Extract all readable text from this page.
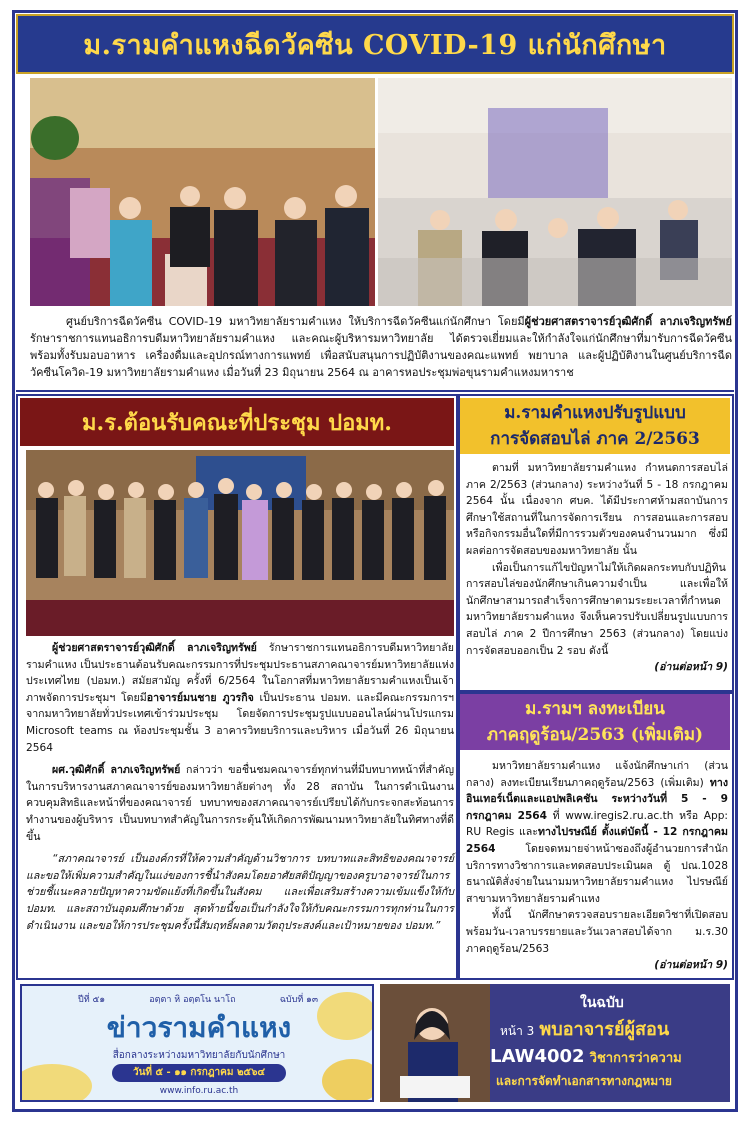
ม.รามคำแหงฉีดวัคซีน COVID-19 แก่นักศึกษา
ศูนย์บริการฉีดวัคซีน COVID-19 มหาวิทยาลัยรามคำแหง ให้บริการฉีดวัคซีนแก่นักศึกษา โดยมีผู้ช่วยศาสตราจารย์วุฒิศักดิ์ ลาภเจริญทรัพย์ รักษาราชการแทนอธิการบดีมหาวิทยาลัยรามคำแหง และคณะผู้บริหารมหาวิทยาลัย ได้ตรวจเยี่ยมและให้กำลังใจแก่นักศึกษาที่มารับการฉีดวัคซีน พร้อมทั้งรับมอบอาหาร เครื่องดื่มและอุปกรณ์ทางการแพทย์ เพื่อสนับสนุนการปฏิบัติงานของคณะแพทย์ พยาบาล และผู้ปฏิบัติงานในศูนย์บริการฉีดวัคซีนโควิด-19 มหาวิทยาลัยรามคำแหง เมื่อวันที่ 23 มิถุนายน 2564 ณ อาคารหอประชุมพ่อขุนรามคำแหงมหาราช
ม.ร.ต้อนรับคณะที่ประชุม ปอมท.
ผู้ช่วยศาสตราจารย์วุฒิศักดิ์ ลาภเจริญทรัพย์ รักษาราชการแทนอธิการบดีมหาวิทยาลัยรามคำแหง เป็นประธานต้อนรับคณะกรรมการที่ประชุมประธานสภาคณาจารย์มหาวิทยาลัยแห่งประเทศไทย (ปอมท.) สมัยสามัญ ครั้งที่ 6/2564 ในโอกาสที่มหาวิทยาลัยรามคำแหงเป็นเจ้าภาพจัดการประชุมฯ โดยมีอาจารย์มนชาย ภูวรกิจ เป็นประธาน ปอมท. และมีคณะกรรมการฯ จากมหาวิทยาลัยทั่วประเทศเข้าร่วมประชุม โดยจัดการประชุมรูปแบบออนไลน์ผ่านโปรแกรม Microsoft teams ณ ห้องประชุมชั้น 3 อาคารวิทยบริการและบริหาร เมื่อวันที่ 26 มิถุนายน 2564
ผศ.วุฒิศักดิ์ ลาภเจริญทรัพย์ กล่าวว่า ขอชื่นชมคณาจารย์ทุกท่านที่มีบทบาทหน้าที่สำคัญในการบริหารงานสภาคณาจารย์ของมหาวิทยาลัยต่างๆ ทั้ง 28 สถาบัน ในการดำเนินงานควบคุมสิทธิและหน้าที่ของคณาจารย์ บทบาทของสภาคณาจารย์เปรียบได้กับกระจกสะท้อนการทำงานของผู้บริหาร เป็นบทบาทสำคัญในการกระตุ้นให้เกิดการพัฒนามหาวิทยาลัยในทิศทางที่ดีขึ้น
“สภาคณาจารย์ เป็นองค์กรที่ให้ความสำคัญด้านวิชาการ บทบาทและสิทธิของคณาจารย์ และขอให้เพิ่มความสำคัญในแง่ของการชี้นำสังคมโดยอาศัยสติปัญญาของครูบาอาจารย์ในการช่วยชี้แนะคลายปัญหาความขัดแย้งที่เกิดขึ้นในสังคม และเพื่อเสริมสร้างความเข้มแข็งให้กับ ปอมท. และสถาบันอุดมศึกษาด้วย สุดท้ายนี้ขอเป็นกำลังใจให้กับคณะกรรมการทุกท่านในการดำเนินงาน และขอให้การประชุมครั้งนี้สัมฤทธิ์ผลตามวัตถุประสงค์และเป้าหมายของ ปอมท.”
ม.รามคำแหงปรับรูปแบบ
การจัดสอบไล่ ภาค 2/2563
ตามที่ มหาวิทยาลัยรามคำแหง กำหนดการสอบไล่ภาค 2/2563 (ส่วนกลาง) ระหว่างวันที่ 5 - 18 กรกฎาคม 2564 นั้น เนื่องจาก ศบค. ได้มีประกาศห้ามสถาบันการศึกษาใช้สถานที่ในการจัดการเรียน การสอนและการสอบ หรือกิจกรรมอื่นใดที่มีการรวมตัวของคนจำนวนมาก ซึ่งมีผลต่อการจัดสอบของมหาวิทยาลัย นั้น
เพื่อเป็นการแก้ไขปัญหาไม่ให้เกิดผลกระทบกับปฏิทินการสอบไล่ของนักศึกษาเกินความจำเป็น และเพื่อให้นักศึกษาสามารถสำเร็จการศึกษาตามระยะเวลาที่กำหนด มหาวิทยาลัยรามคำแหง จึงเห็นควรปรับเปลี่ยนรูปแบบการสอบไล่ ภาค 2 ปีการศึกษา 2563 (ส่วนกลาง) โดยแบ่งการจัดสอบออกเป็น 2 รอบ ดังนี้
(อ่านต่อหน้า 9)
ม.รามฯ ลงทะเบียน
ภาคฤดูร้อน/2563 (เพิ่มเติม)
มหาวิทยาลัยรามคำแหง แจ้งนักศึกษาเก่า (ส่วนกลาง) ลงทะเบียนเรียนภาคฤดูร้อน/2563 (เพิ่มเติม) ทางอินเทอร์เน็ตและแอปพลิเคชัน ระหว่างวันที่ 5 - 9 กรกฎาคม 2564 ที่ www.iregis2.ru.ac.th หรือ App: RU Regis และทางไปรษณีย์ ตั้งแต่บัดนี้ - 12 กรกฎาคม 2564 โดยจดหมายจ่าหน้าซองถึงผู้อำนวยการสำนักบริการทางวิชาการและทดสอบประเมินผล ตู้ ปณ.1028 ธนาณัติสั่งจ่ายในนามมหาวิทยาลัยรามคำแหง ไปรษณีย์สาขามหาวิทยาลัยรามคำแหง
ทั้งนี้ นักศึกษาตรวจสอบรายละเอียดวิชาที่เปิดสอบ พร้อมวัน-เวลาบรรยายและวันเวลาสอบได้จาก ม.ร.30 ภาคฤดูร้อน/2563
(อ่านต่อหน้า 9)
ปีที่ ๕๑	อตฺตา หิ อตฺตโน นาโถ	ฉบับที่ ๑๓
ข่าวรามคำแหง
สื่อกลางระหว่างมหาวิทยาลัยกับนักศึกษา
วันที่ ๕ - ๑๑ กรกฎาคม ๒๕๖๔
www.info.ru.ac.th
ในฉบับ
หน้า 3 พบอาจารย์ผู้สอน
LAW4002 วิชาการว่าความ
และการจัดทำเอกสารทางกฎหมาย
